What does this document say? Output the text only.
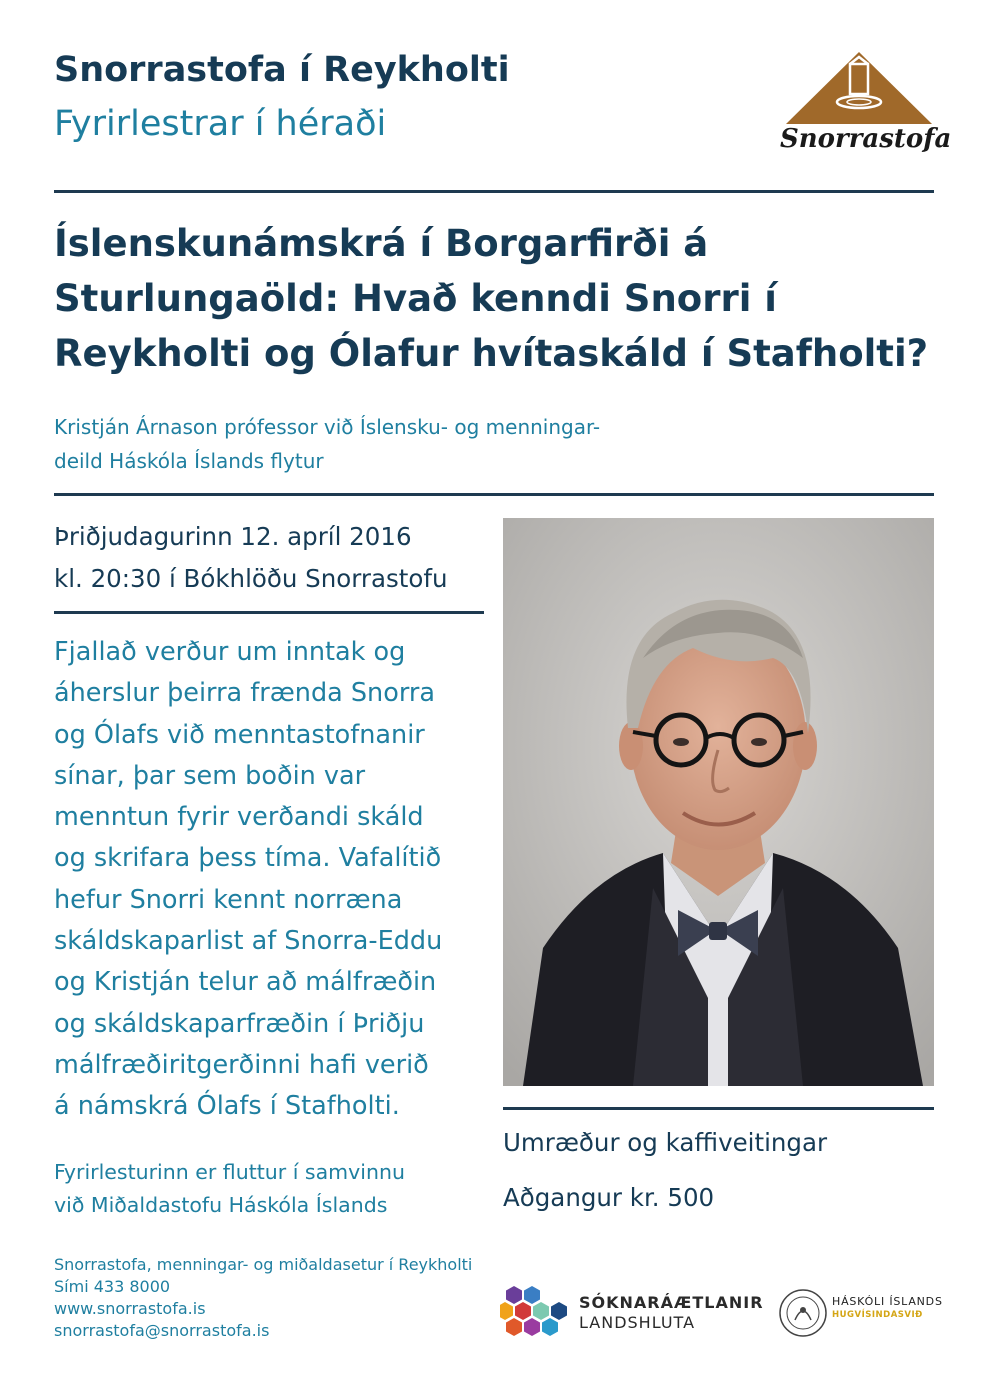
Snorrastofa í Reykholti
Fyrirlestrar í héraði	Snorrastofa
Íslenskunámskrá í Borgarfirði á
Sturlungaöld: Hvað kenndi Snorri í
Reykholti og Ólafur hvítaskáld í Stafholti?
Kristján Árnason prófessor við Íslensku- og menningar-
deild Háskóla Íslands flytur
Þriðjudagurinn 12. apríl 2016
kl. 20:30 í Bókhlöðu Snorrastofu
Fjallað verður um inntak og
áherslur þeirra frænda Snorra
og Ólafs við menntastofnanir
sínar, þar sem boðin var
menntun fyrir verðandi skáld
og skrifara þess tíma. Vafalítið
hefur Snorri kennt norræna
skáldskaparlist af Snorra-Eddu
og Kristján telur að málfræðin
og skáldskaparfræðin í Þriðju
málfræðiritgerðinni hafi verið
á námskrá Ólafs í Stafholti.
Fyrirlesturinn er fluttur í samvinnu
við Miðaldastofu Háskóla Íslands
Umræður og kaffiveitingar
Aðgangur kr. 500
Snorrastofa, menningar- og miðaldasetur í Reykholti
Sími 433 8000
www.snorrastofa.is
snorrastofa@snorrastofa.is
SÓKNARÁÆTLANIR
LANDSHLUTA
HÁSKÓLI ÍSLANDS
HUGVÍSINDASVIÐ
